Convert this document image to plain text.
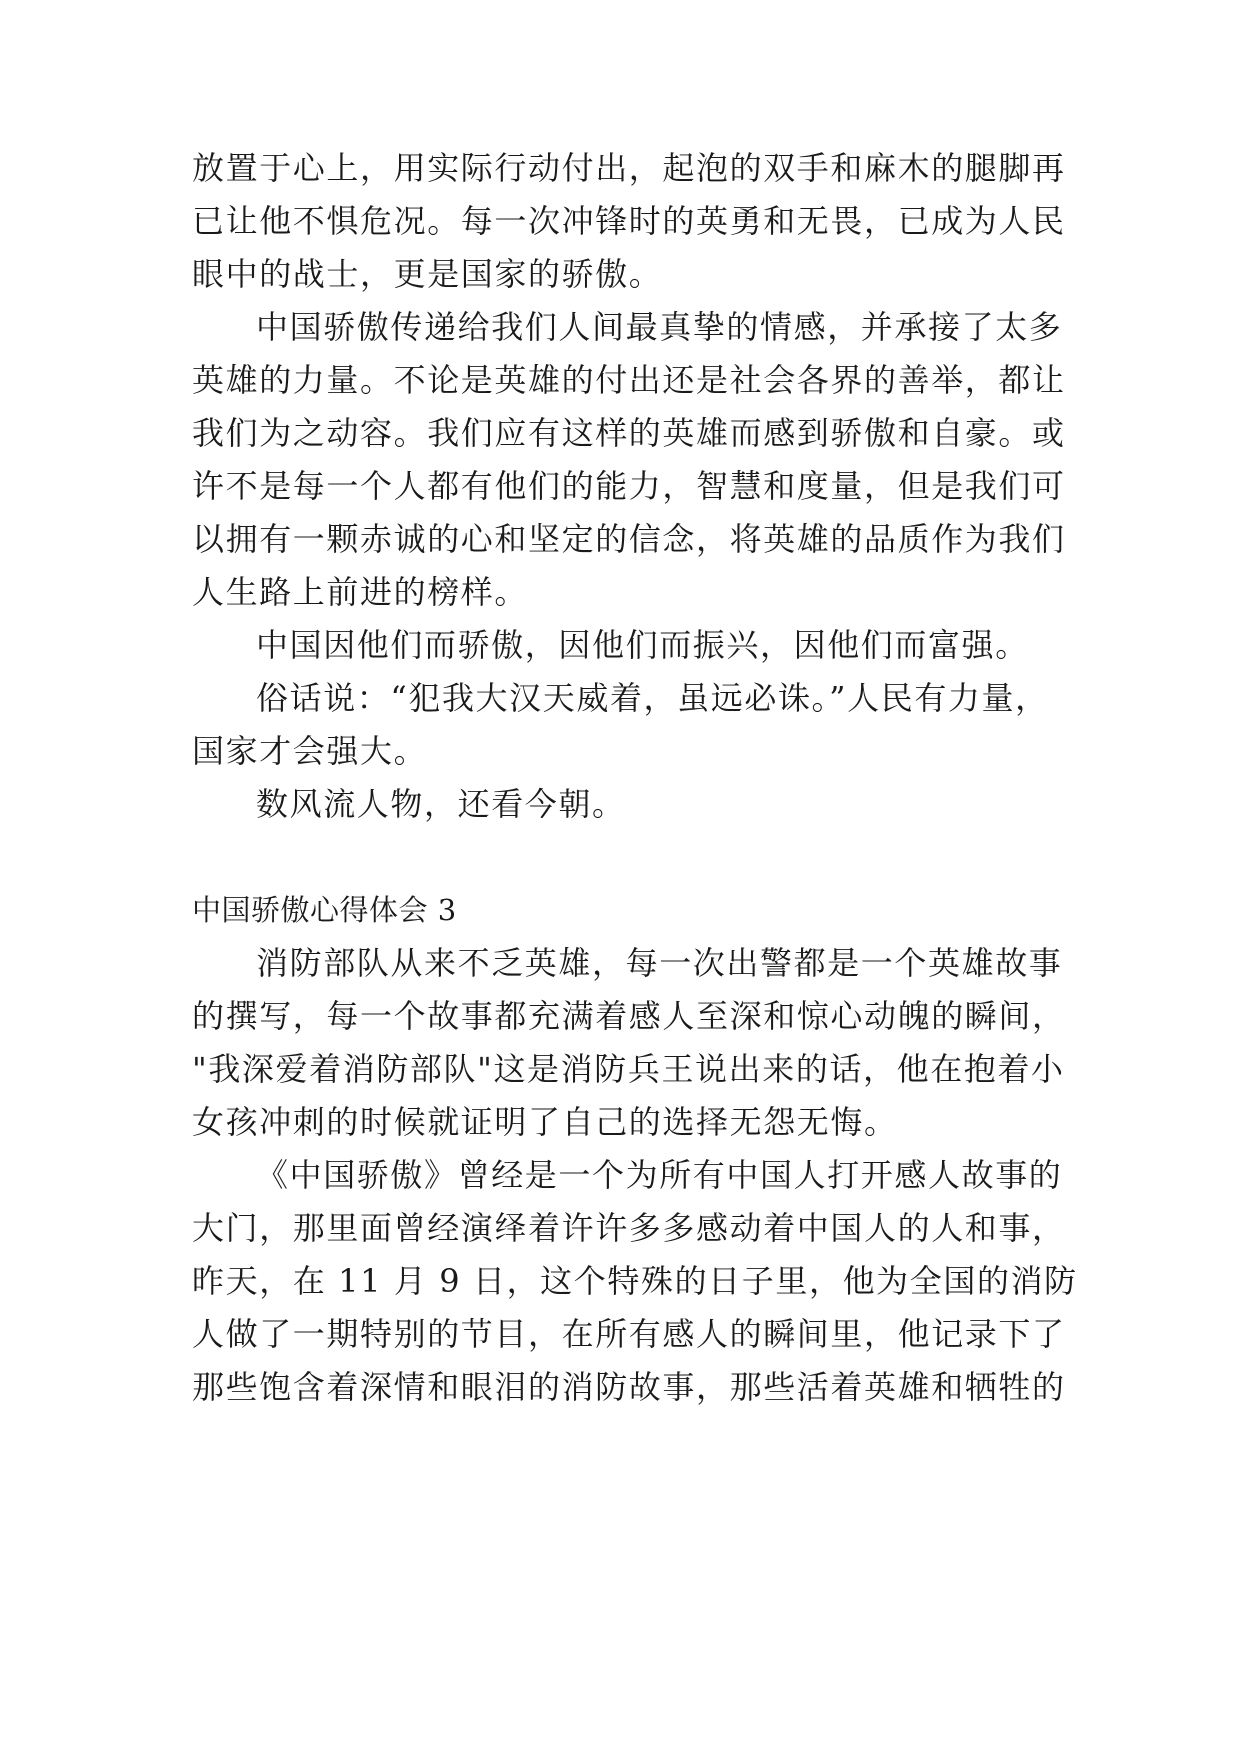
放置于心上，用实际行动付出，起泡的双手和麻木的腿脚再
已让他不惧危况。每一次冲锋时的英勇和无畏，已成为人民
眼中的战士，更是国家的骄傲。
中国骄傲传递给我们人间最真挚的情感，并承接了太多
英雄的力量。不论是英雄的付出还是社会各界的善举，都让
我们为之动容。我们应有这样的英雄而感到骄傲和自豪。或
许不是每一个人都有他们的能力，智慧和度量，但是我们可
以拥有一颗赤诚的心和坚定的信念，将英雄的品质作为我们
人生路上前进的榜样。
中国因他们而骄傲，因他们而振兴，因他们而富强。
俗话说：“犯我大汉天威着，虽远必诛。”人民有力量，
国家才会强大。
数风流人物，还看今朝。
中国骄傲心得体会 3
消防部队从来不乏英雄，每一次出警都是一个英雄故事
的撰写，每一个故事都充满着感人至深和惊心动魄的瞬间，
"我深爱着消防部队"这是消防兵王说出来的话，他在抱着小
女孩冲刺的时候就证明了自己的选择无怨无悔。
《中国骄傲》曾经是一个为所有中国人打开感人故事的
大门，那里面曾经演绎着许许多多感动着中国人的人和事，
昨天，在 11 月 9 日，这个特殊的日子里，他为全国的消防
人做了一期特别的节目，在所有感人的瞬间里，他记录下了
那些饱含着深情和眼泪的消防故事，那些活着英雄和牺牲的
